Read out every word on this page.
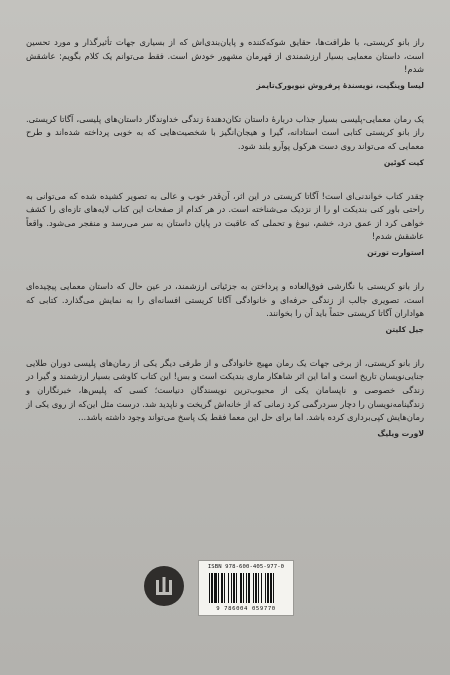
راز بانو کریستی، با ظرافت‌ها، حقایق شوکه‌کننده و پایان‌بندی‌اش که از بسیاری جهات تأثیرگذار و مورد تحسین است، داستان معمایی بسیار ارزشمندی از قهرمان مشهور خودش است. فقط می‌توانم یک کلام بگویم: عاشقش شدم!

لیسا وینگیت، نویسنده‌ٔ پرفروش نیویورک‌تایمز

یک رمان معمایی-پلیسی بسیار جذاب درباره‌ٔ داستان تکان‌دهنده‌ٔ زندگی خداوندگار داستان‌های پلیسی، آگاتا کریستی. راز بانو کریستی کتابی است استادانه، گیرا و هیجان‌انگیز با شخصیت‌هایی که به خوبی پرداخته شده‌اند و طرح معمایی که می‌تواند روی دست هرکول پوآرو بلند شود.

کیت کوئین

چقدر کتاب خواندنی‌ای است! آگاتا کریستی در این اثر، آن‌قدر خوب و عالی به تصویر کشیده شده که می‌توانی به راحتی باور کنی بندیکت او را از نزدیک می‌شناخته است. در هر کدام از صفحات این کتاب لایه‌های تازه‌ای را کشف خواهی کرد از عمق درد، خشم، نبوغ و تحملی که عاقبت در پایان داستان به سر می‌رسد و منفجر می‌شود. واقعاً عاشقش شدم!

استوارت تورتن

راز بانو کریستی با نگارشی فوق‌العاده و پرداختن به جزئیاتی ارزشمند، در عین حال که داستان معمایی پیچیده‌ای است، تصویری جالب از زندگی حرفه‌ای و خانوادگی آگاتا کریستی افسانه‌ای را به نمایش می‌گذارد. کتابی که هواداران آگاتا کریستی حتماً باید آن را بخوانند.

جیل کلیتن

راز بانو کریستی، از برخی جهات یک رمان مهیج خانوادگی و از طرفی دیگر یکی از رمان‌های پلیسی دوران طلایی جنایی‌نویسان تاریخ است و اما این اثر شاهکار ماری بندیکت است و بس! این کتاب کاوشی بسیار ارزشمند و گیرا در زندگی خصوصی و ناپسامان یکی از محبوب‌ترین نویسندگان دنیاست؛ کسی که پلیس‌ها، خبرنگاران و زندگینامه‌نویسان را دچار سردرگمی کرد زمانی که از خانه‌اش گریخت و ناپدید شد. درست مثل این‌که از روی یکی از رمان‌هایش کپی‌برداری کرده باشد. اما برای حل این معما فقط یک پاسخ می‌تواند وجود داشته باشد...

لاورت ویلیگ
ISBN 978-600-405-977-0
9 786004 059770
